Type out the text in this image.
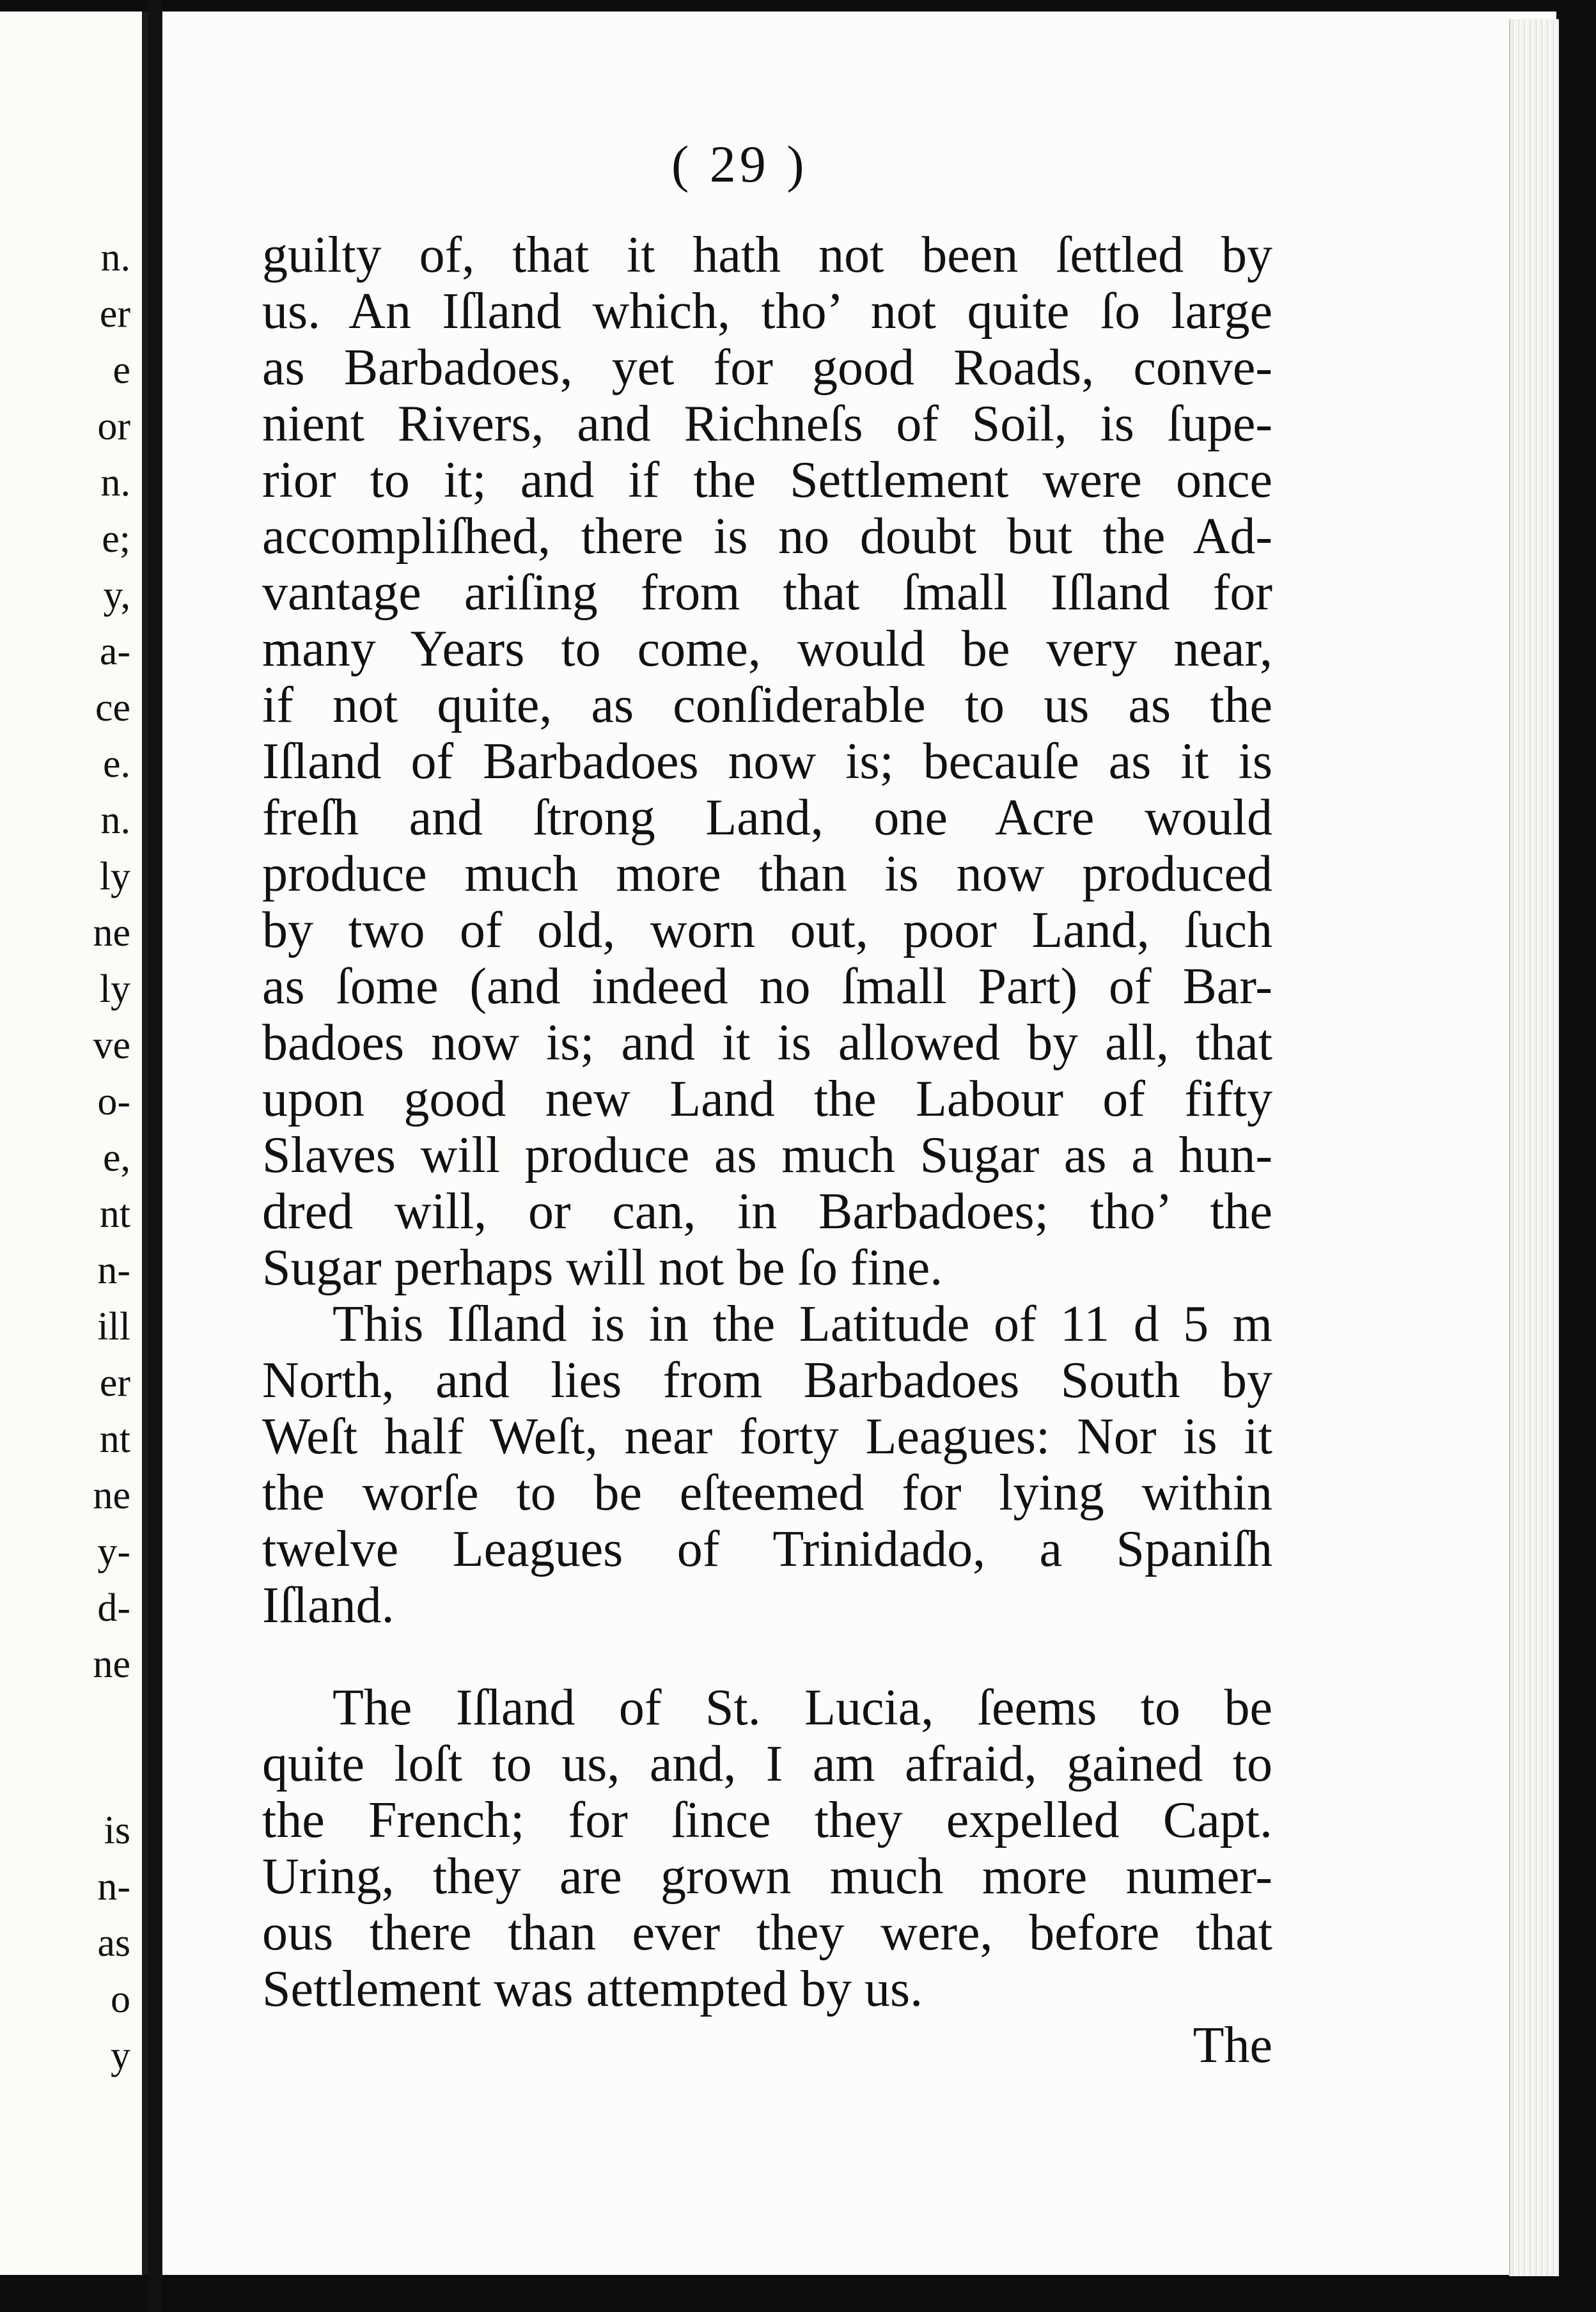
n.
er
e
or
n.
e;
y,
a-
ce
e.
n.
ly
ne
ly
ve
o-
e,
nt
n-
ill
er
nt
ne
y-
d-
ne
is
n-
as
o
y
( 29 )
guilty of, that it hath not been ſettled by
us. An Iſland which, tho’ not quite ſo large
as Barbadoes, yet for good Roads, conve-
nient Rivers, and Richneſs of Soil, is ſupe-
rior to it; and if the Settlement were once
accompliſhed, there is no doubt but the Ad-
vantage ariſing from that ſmall Iſland for
many Years to come, would be very near,
if not quite, as conſiderable to us as the
Iſland of Barbadoes now is; becauſe as it is
freſh and ſtrong Land, one Acre would
produce much more than is now produced
by two of old, worn out, poor Land, ſuch
as ſome (and indeed no ſmall Part) of Bar-
badoes now is; and it is allowed by all, that
upon good new Land the Labour of fifty
Slaves will produce as much Sugar as a hun-
dred will, or can, in Barbadoes; tho’ the
Sugar perhaps will not be ſo fine.
This Iſland is in the Latitude of 11 d 5 m
North, and lies from Barbadoes South by
Weſt half Weſt, near forty Leagues: Nor is it
the worſe to be eſteemed for lying within
twelve Leagues of Trinidado, a Spaniſh
Iſland.
The Iſland of St. Lucia, ſeems to be
quite loſt to us, and, I am afraid, gained to
the French; for ſince they expelled Capt.
Uring, they are grown much more numer-
ous there than ever they were, before that
Settlement was attempted by us.
The
